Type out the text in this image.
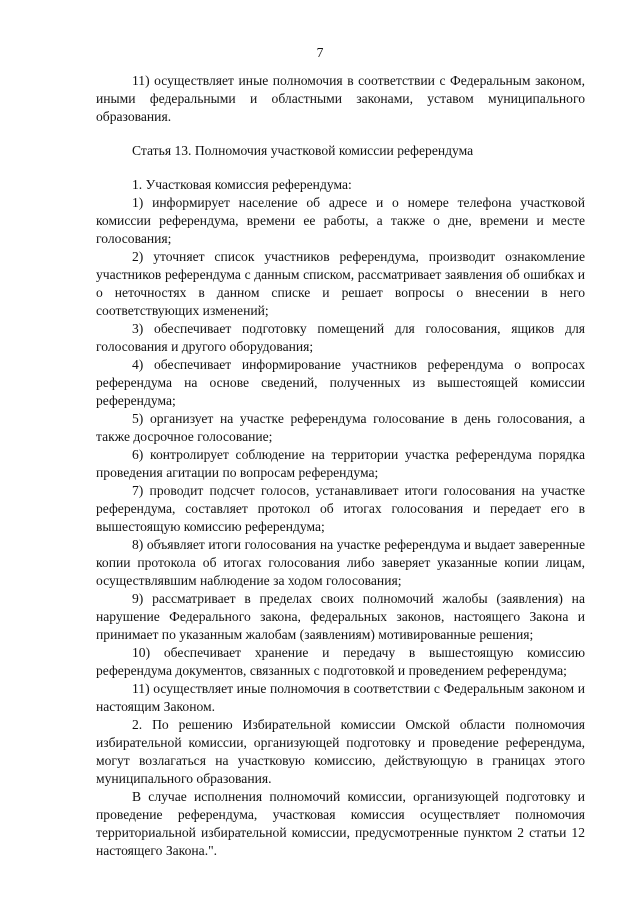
7

11) осуществляет иные полномочия в соответствии с Федеральным законом, иными федеральными и областными законами, уставом муниципального образования.

Статья 13. Полномочия участковой комиссии референдума

1. Участковая комиссия референдума:

1) информирует население об адресе и о номере телефона участковой комиссии референдума, времени ее работы, а также о дне, времени и месте голосования;

2) уточняет список участников референдума, производит ознакомление участников референдума с данным списком, рассматривает заявления об ошибках и о неточностях в данном списке и решает вопросы о внесении в него соответствующих изменений;

3) обеспечивает подготовку помещений для голосования, ящиков для голосования и другого оборудования;

4) обеспечивает информирование участников референдума о вопросах референдума на основе сведений, полученных из вышестоящей комиссии референдума;

5) организует на участке референдума голосование в день голосования, а также досрочное голосование;

6) контролирует соблюдение на территории участка референдума порядка проведения агитации по вопросам референдума;

7) проводит подсчет голосов, устанавливает итоги голосования на участке референдума, составляет протокол об итогах голосования и передает его в вышестоящую комиссию референдума;

8) объявляет итоги голосования на участке референдума и выдает заверенные копии протокола об итогах голосования либо заверяет указанные копии лицам, осуществлявшим наблюдение за ходом голосования;

9) рассматривает в пределах своих полномочий жалобы (заявления) на нарушение Федерального закона, федеральных законов, настоящего Закона и принимает по указанным жалобам (заявлениям) мотивированные решения;

10) обеспечивает хранение и передачу в вышестоящую комиссию референдума документов, связанных с подготовкой и проведением референдума;

11) осуществляет иные полномочия в соответствии с Федеральным законом и настоящим Законом.

2. По решению Избирательной комиссии Омской области полномочия избирательной комиссии, организующей подготовку и проведение референдума, могут возлагаться на участковую комиссию, действующую в границах этого муниципального образования.

В случае исполнения полномочий комиссии, организующей подготовку и проведение референдума, участковая комиссия осуществляет полномочия территориальной избирательной комиссии, предусмотренные пунктом 2 статьи 12 настоящего Закона.".
